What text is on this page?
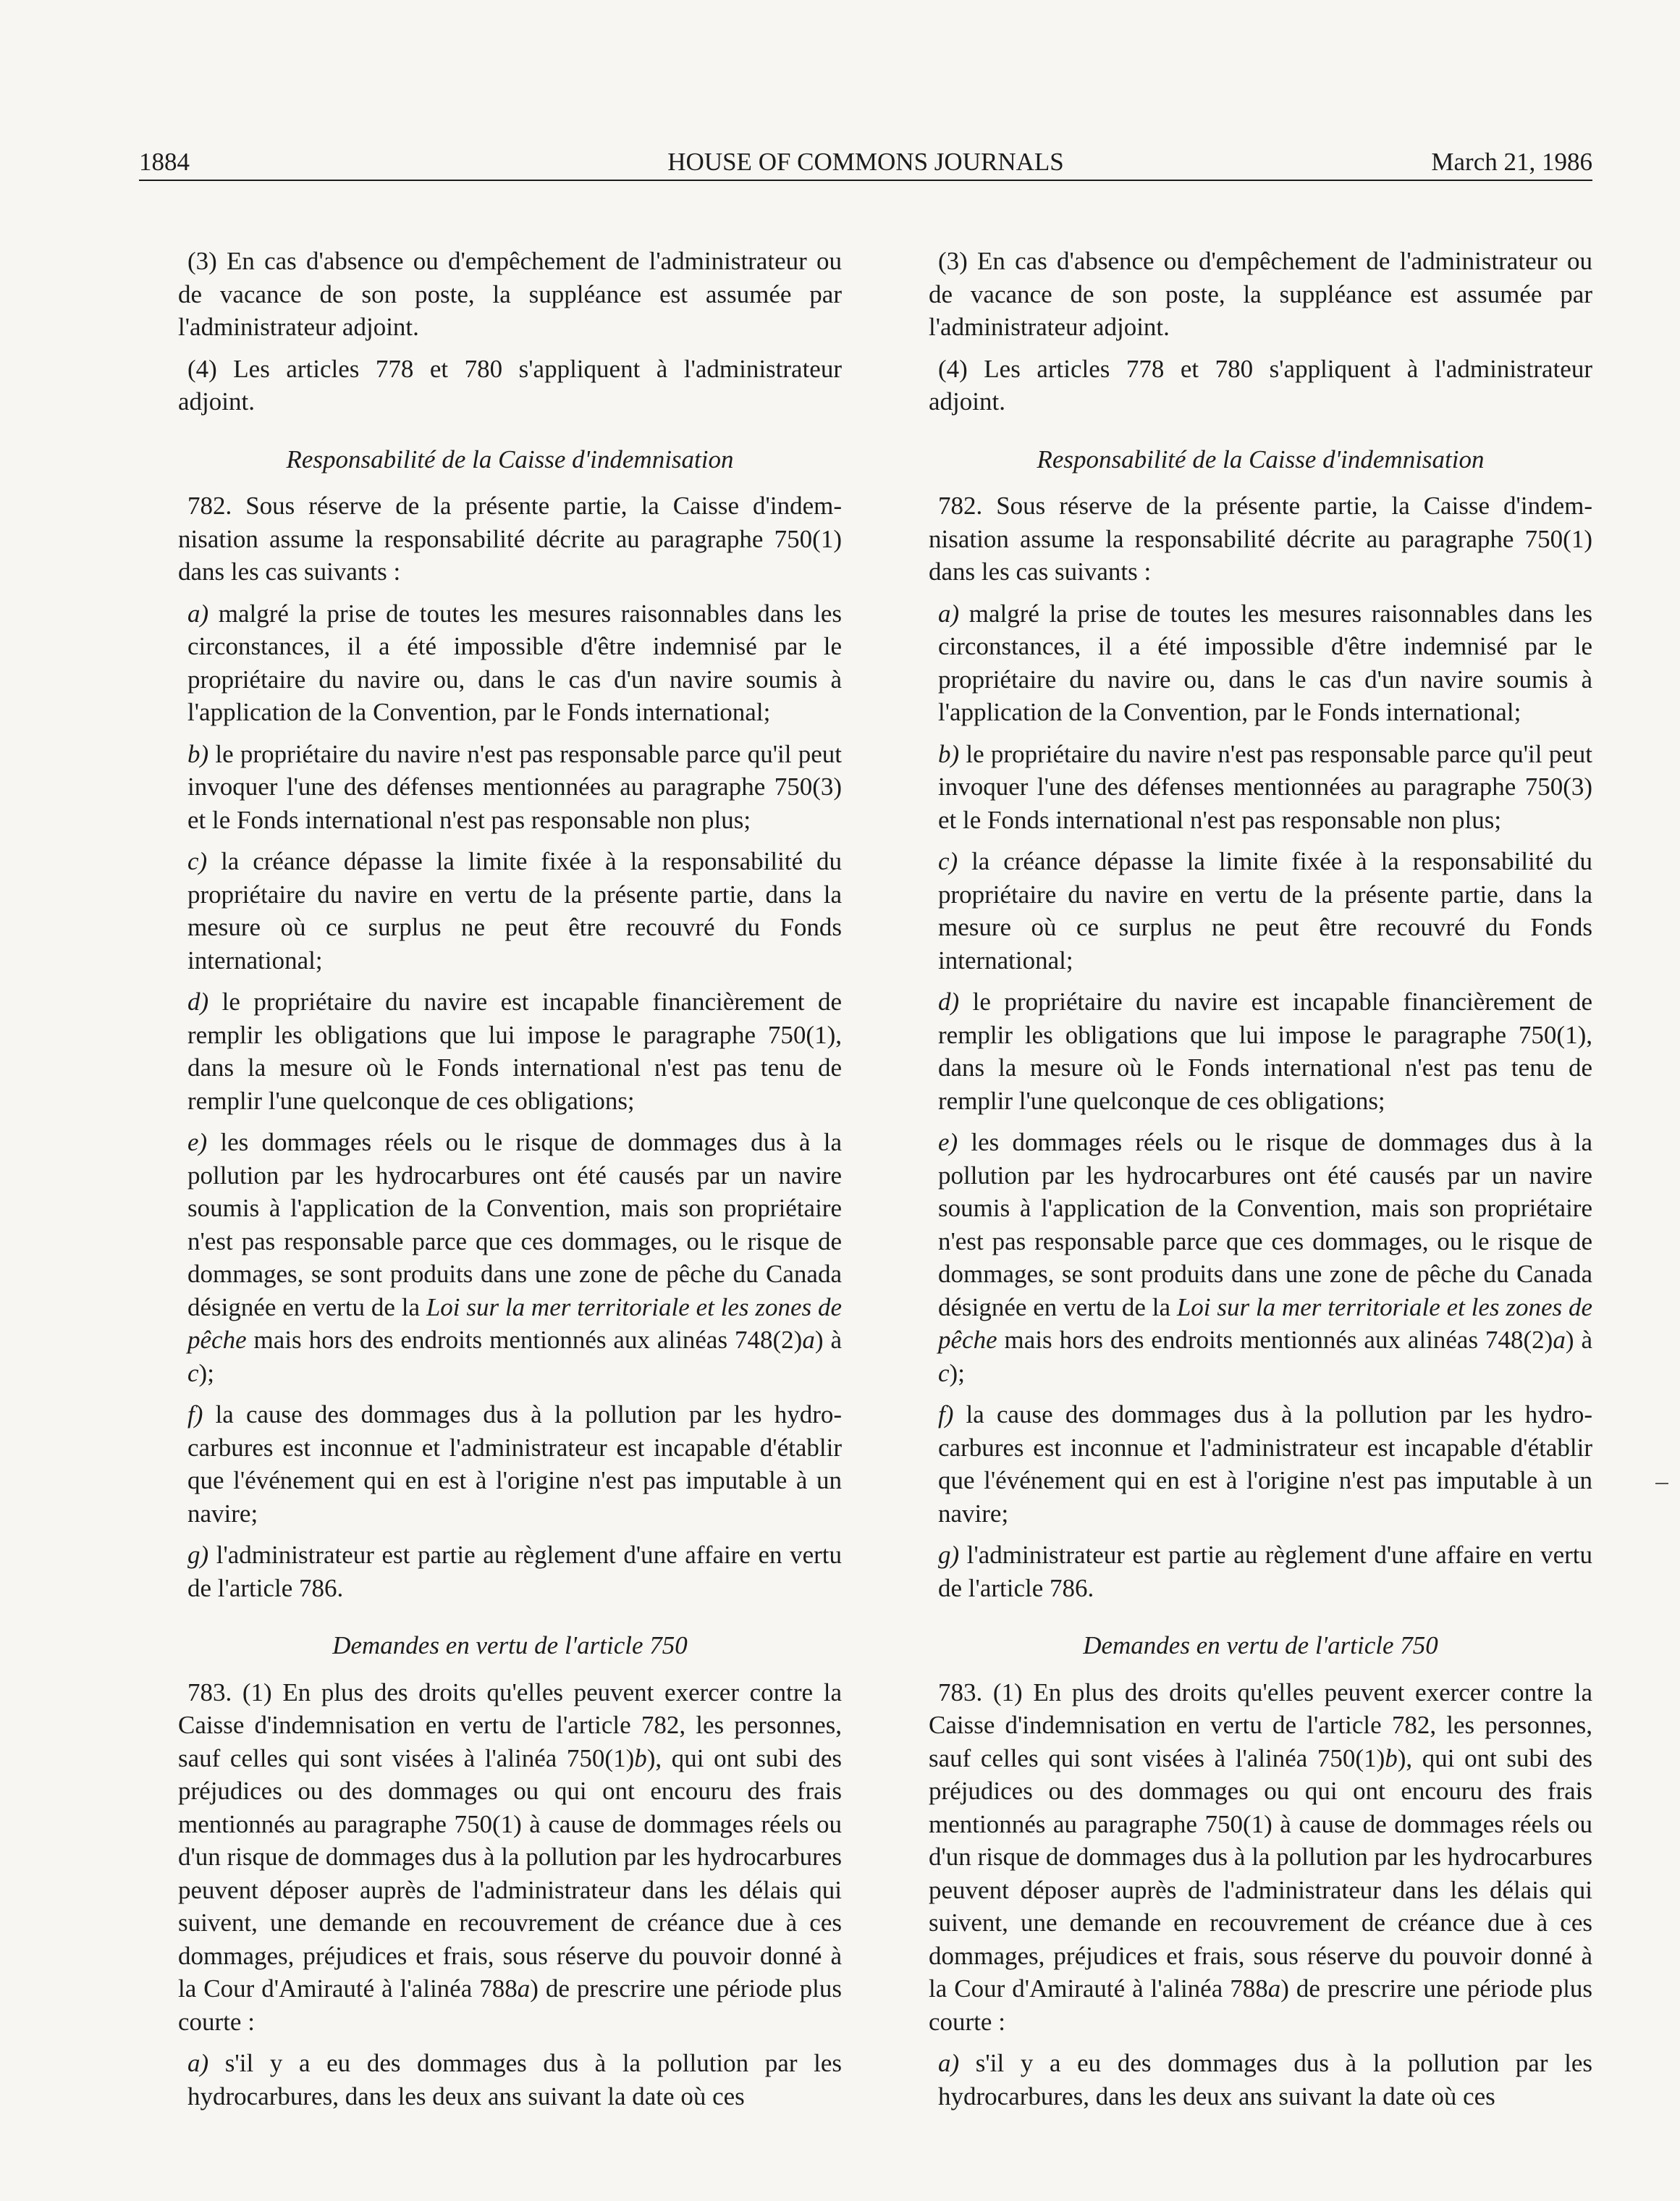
1884	HOUSE OF COMMONS JOURNALS	March 21, 1986

(3) En cas d'absence ou d'empêchement de l'administrateur ou de vacance de son poste, la suppléance est assumée par l'administrateur adjoint.

(4) Les articles 778 et 780 s'appliquent à l'administrateur adjoint.

Responsabilité de la Caisse d'indemnisation

782. Sous réserve de la présente partie, la Caisse d'indemnisation assume la responsabilité décrite au paragraphe 750(1) dans les cas suivants :

a) malgré la prise de toutes les mesures raisonnables dans les circonstances, il a été impossible d'être indemnisé par le propriétaire du navire ou, dans le cas d'un navire soumis à l'application de la Convention, par le Fonds international;

b) le propriétaire du navire n'est pas responsable parce qu'il peut invoquer l'une des défenses mentionnées au paragraphe 750(3) et le Fonds international n'est pas responsable non plus;

c) la créance dépasse la limite fixée à la responsabilité du propriétaire du navire en vertu de la présente partie, dans la mesure où ce surplus ne peut être recouvré du Fonds international;

d) le propriétaire du navire est incapable financièrement de remplir les obligations que lui impose le paragraphe 750(1), dans la mesure où le Fonds international n'est pas tenu de remplir l'une quelconque de ces obligations;

e) les dommages réels ou le risque de dommages dus à la pollution par les hydrocarbures ont été causés par un navire soumis à l'application de la Convention, mais son propriétaire n'est pas responsable parce que ces dommages, ou le risque de dommages, se sont produits dans une zone de pêche du Canada désignée en vertu de la Loi sur la mer territoriale et les zones de pêche mais hors des endroits mentionnés aux alinéas 748(2)a) à c);

f) la cause des dommages dus à la pollution par les hydrocarbures est inconnue et l'administrateur est incapable d'établir que l'événement qui en est à l'origine n'est pas imputable à un navire;

g) l'administrateur est partie au règlement d'une affaire en vertu de l'article 786.

Demandes en vertu de l'article 750

783. (1) En plus des droits qu'elles peuvent exercer contre la Caisse d'indemnisation en vertu de l'article 782, les personnes, sauf celles qui sont visées à l'alinéa 750(1)b), qui ont subi des préjudices ou des dommages ou qui ont encouru des frais mentionnés au paragraphe 750(1) à cause de dommages réels ou d'un risque de dommages dus à la pollution par les hydrocarbures peuvent déposer auprès de l'administrateur dans les délais qui suivent, une demande en recouvrement de créance due à ces dommages, préjudices et frais, sous réserve du pouvoir donné à la Cour d'Amirauté à l'alinéa 788a) de prescrire une période plus courte :

a) s'il y a eu des dommages dus à la pollution par les hydrocarbures, dans les deux ans suivant la date où ces

(3) En cas d'absence ou d'empêchement de l'administrateur ou de vacance de son poste, la suppléance est assumée par l'administrateur adjoint.

(4) Les articles 778 et 780 s'appliquent à l'administrateur adjoint.

Responsabilité de la Caisse d'indemnisation

782. Sous réserve de la présente partie, la Caisse d'indemnisation assume la responsabilité décrite au paragraphe 750(1) dans les cas suivants :

a) malgré la prise de toutes les mesures raisonnables dans les circonstances, il a été impossible d'être indemnisé par le propriétaire du navire ou, dans le cas d'un navire soumis à l'application de la Convention, par le Fonds international;

b) le propriétaire du navire n'est pas responsable parce qu'il peut invoquer l'une des défenses mentionnées au paragraphe 750(3) et le Fonds international n'est pas responsable non plus;

c) la créance dépasse la limite fixée à la responsabilité du propriétaire du navire en vertu de la présente partie, dans la mesure où ce surplus ne peut être recouvré du Fonds international;

d) le propriétaire du navire est incapable financièrement de remplir les obligations que lui impose le paragraphe 750(1), dans la mesure où le Fonds international n'est pas tenu de remplir l'une quelconque de ces obligations;

e) les dommages réels ou le risque de dommages dus à la pollution par les hydrocarbures ont été causés par un navire soumis à l'application de la Convention, mais son propriétaire n'est pas responsable parce que ces dommages, ou le risque de dommages, se sont produits dans une zone de pêche du Canada désignée en vertu de la Loi sur la mer territoriale et les zones de pêche mais hors des endroits mentionnés aux alinéas 748(2)a) à c);

f) la cause des dommages dus à la pollution par les hydrocarbures est inconnue et l'administrateur est incapable d'établir que l'événement qui en est à l'origine n'est pas imputable à un navire;

g) l'administrateur est partie au règlement d'une affaire en vertu de l'article 786.

Demandes en vertu de l'article 750

783. (1) En plus des droits qu'elles peuvent exercer contre la Caisse d'indemnisation en vertu de l'article 782, les personnes, sauf celles qui sont visées à l'alinéa 750(1)b), qui ont subi des préjudices ou des dommages ou qui ont encouru des frais mentionnés au paragraphe 750(1) à cause de dommages réels ou d'un risque de dommages dus à la pollution par les hydrocarbures peuvent déposer auprès de l'administrateur dans les délais qui suivent, une demande en recouvrement de créance due à ces dommages, préjudices et frais, sous réserve du pouvoir donné à la Cour d'Amirauté à l'alinéa 788a) de prescrire une période plus courte :

a) s'il y a eu des dommages dus à la pollution par les hydrocarbures, dans les deux ans suivant la date où ces
